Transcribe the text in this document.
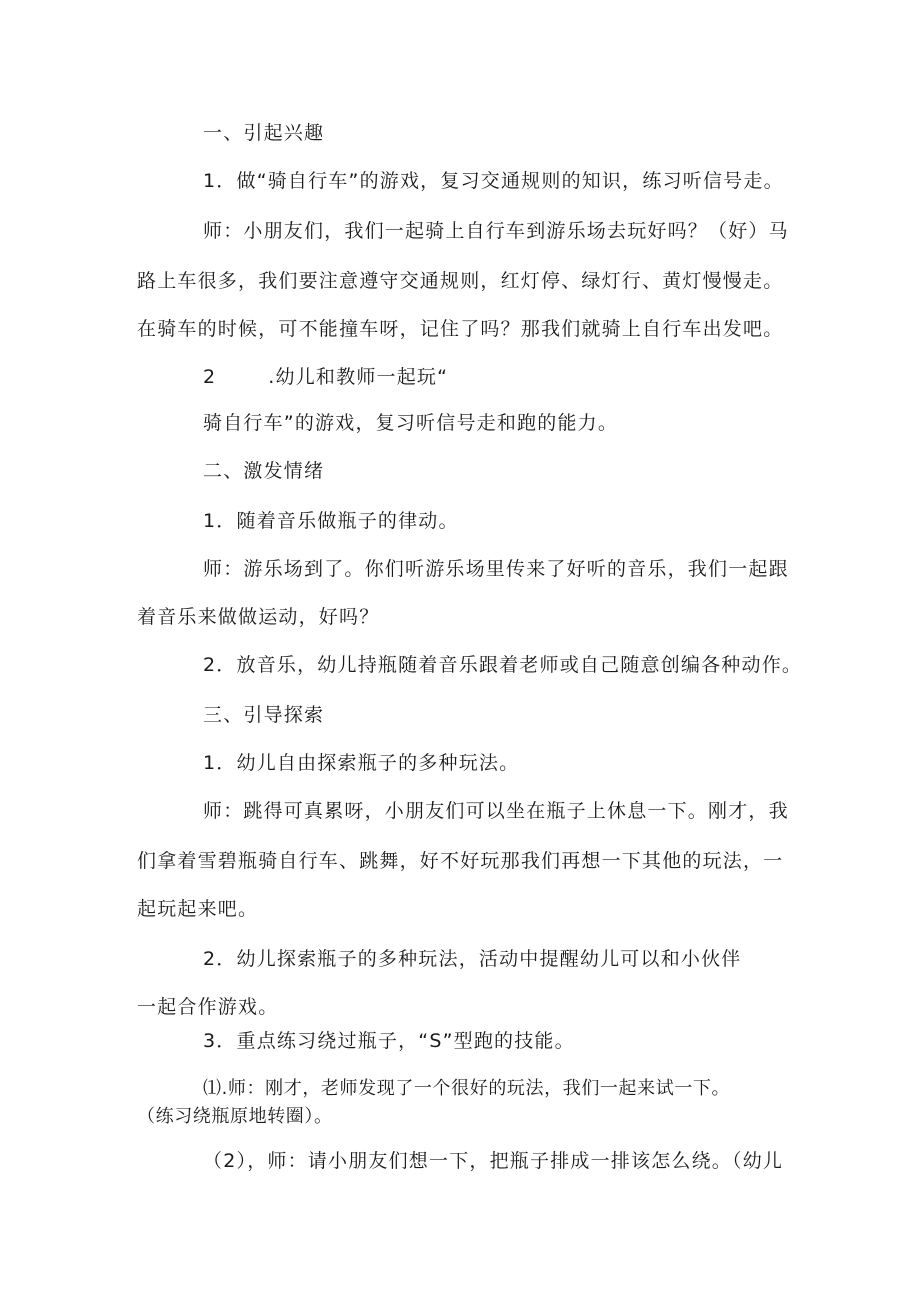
一、引起兴趣
1．做“骑自行车”的游戏，复习交通规则的知识，练习听信号走。
师：小朋友们，我们一起骑上自行车到游乐场去玩好吗？（好）马
路上车很多，我们要注意遵守交通规则，红灯停、绿灯行、黄灯慢慢走。
在骑车的时候，可不能撞车呀，记住了吗？那我们就骑上自行车出发吧。
2	.幼儿和教师一起玩“
骑自行车”的游戏，复习听信号走和跑的能力。
二、激发情绪
1．随着音乐做瓶子的律动。
师：游乐场到了。你们听游乐场里传来了好听的音乐，我们一起跟
着音乐来做做运动，好吗？
2．放音乐，幼儿持瓶随着音乐跟着老师或自己随意创编各种动作。
三、引导探索
1．幼儿自由探索瓶子的多种玩法。
师：跳得可真累呀，小朋友们可以坐在瓶子上休息一下。刚才，我
们拿着雪碧瓶骑自行车、跳舞，好不好玩那我们再想一下其他的玩法，一
起玩起来吧。
2．幼儿探索瓶子的多种玩法，活动中提醒幼儿可以和小伙伴
一起合作游戏。
3．重点练习绕过瓶子，“S”型跑的技能。
⑴.师：刚才，老师发现了一个很好的玩法，我们一起来试一下。
（练习绕瓶原地转圈）。
（2），师：请小朋友们想一下，把瓶子排成一排该怎么绕。（幼儿
